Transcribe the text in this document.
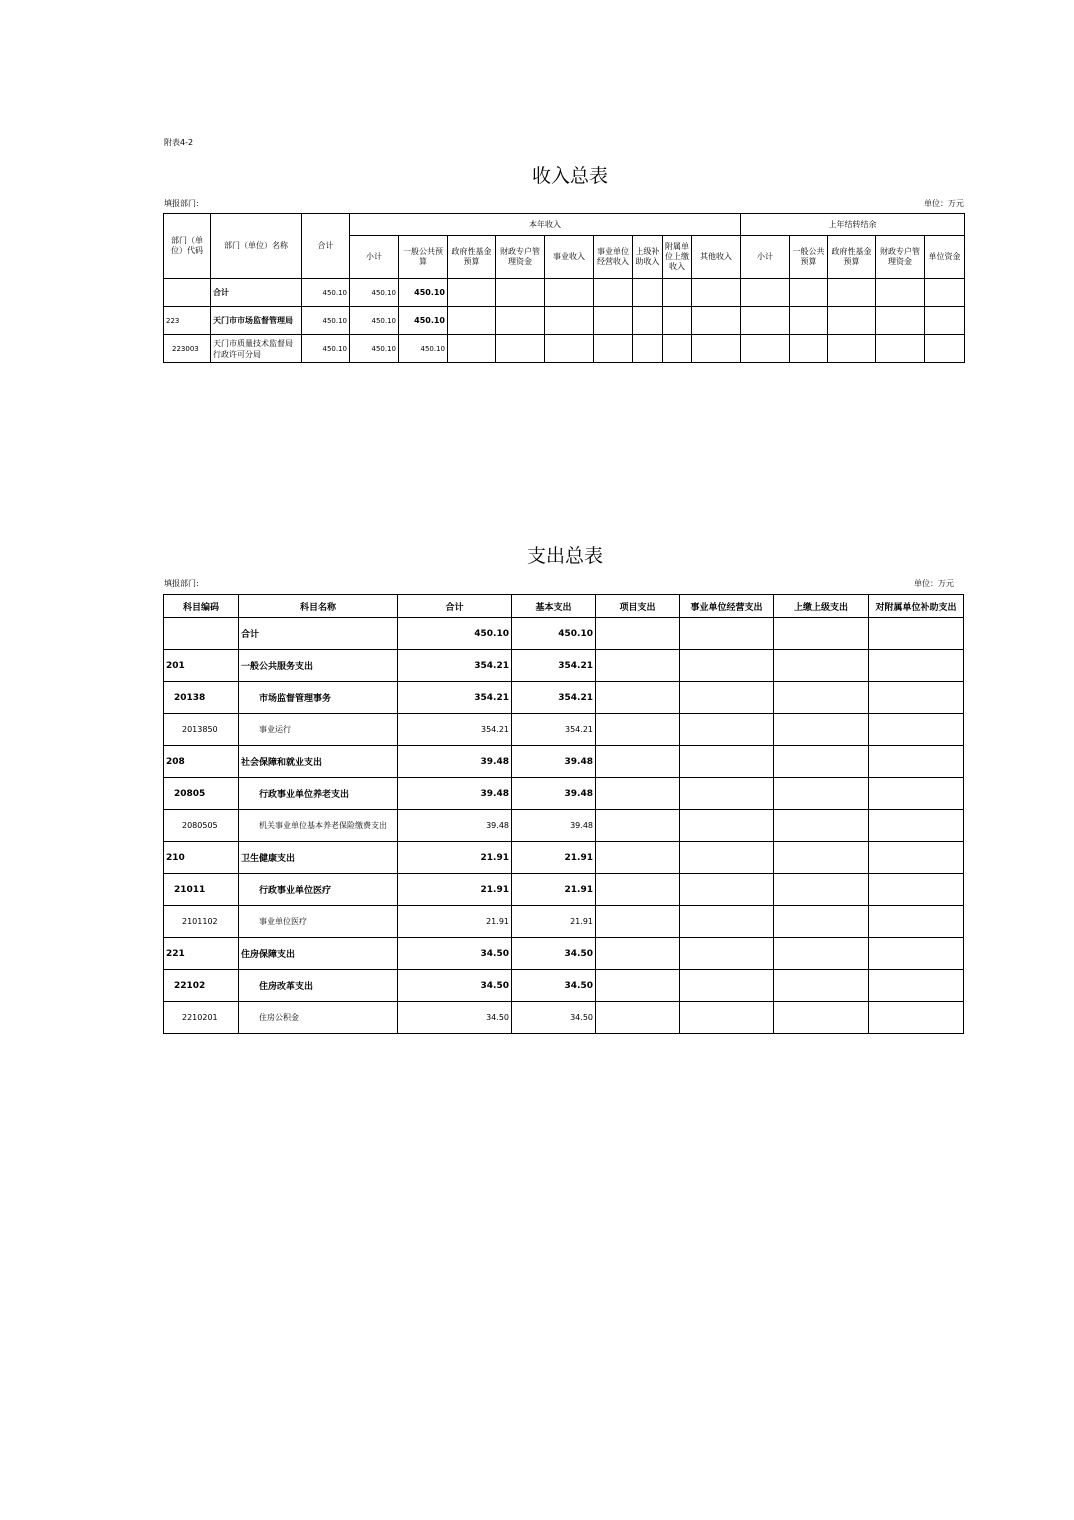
附表4-2
收入总表
填报部门:	单位：万元
部门（单位）代码	部门（单位）名称	合计	本年收入									上年结转结余				
			小计	一般公共预算	政府性基金预算	财政专户管理资金	事业收入	事业单位经营收入	上级补助收入	附属单位上缴收入	其他收入	小计	一般公共预算	政府性基金预算	财政专户管理资金	单位资金
	合计	450.10	450.10	450.10												
223	天门市市场监督管理局	450.10	450.10	450.10												
223003	天门市质量技术监督局行政许可分局	450.10	450.10	450.10												
支出总表
填报部门:	单位：万元
科目编码	科目名称	合计	基本支出	项目支出	事业单位经营支出	上缴上级支出	对附属单位补助支出
	合计	450.10	450.10				
201	一般公共服务支出	354.21	354.21				
20138	市场监督管理事务	354.21	354.21				
2013850	事业运行	354.21	354.21				
208	社会保障和就业支出	39.48	39.48				
20805	行政事业单位养老支出	39.48	39.48				
2080505	机关事业单位基本养老保险缴费支出	39.48	39.48				
210	卫生健康支出	21.91	21.91				
21011	行政事业单位医疗	21.91	21.91				
2101102	事业单位医疗	21.91	21.91				
221	住房保障支出	34.50	34.50				
22102	住房改革支出	34.50	34.50				
2210201	住房公积金	34.50	34.50				
